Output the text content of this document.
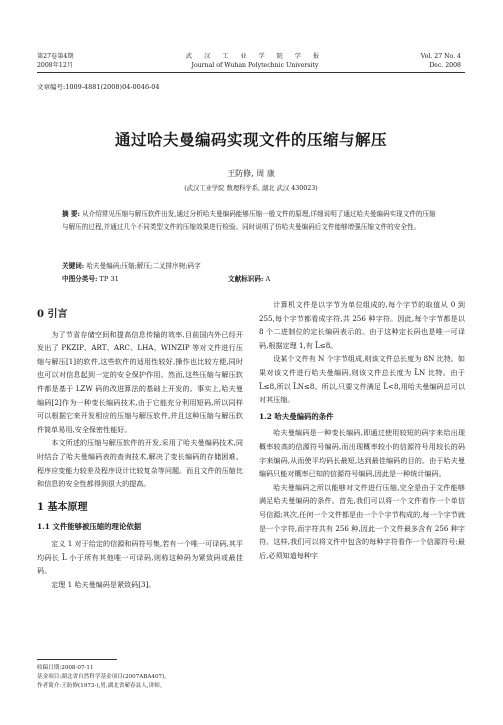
第27卷第4期
2008年12月
武 汉 工 业 学 院 学 报
Journal of Wuhan Polytechnic University
Vol. 27 No. 4
Dec. 2008
文章编号:1009-4881(2008)04-0046-04
通过哈夫曼编码实现文件的压缩与解压
王防修, 周 康
(武汉工业学院 数理科学系, 湖北 武汉 430023)
摘 要: 从介绍常见压缩与解压软件出发,通过分析哈夫曼编码能够压缩一般文件的原理,详细说明了通过哈夫曼编码实现文件的压缩与解压的过程,并通过几个不同类型文件的压缩效果进行检验。同时说明了仿哈夫曼编码后文件能够增强压缩文件的安全性。
关键词: 哈夫曼编码;压缩;解压;二叉排序树;码字
中图分类号: TP 31	文献标识码: A

0 引言

为了节省存储空间和提高信息传输的效率,目前国内外已经开发出了 PKZIP、ART、ARC、LHA、WINZIP 等对文件进行压缩与解压[1]的软件,这些软件的适用性较好,操作也比较方便,同时也可以对信息起到一定的安全保护作用。然而,这些压缩与解压软件都是基于 LZW 码的改进算法的基础上开发的。事实上,哈夫曼编码[2]作为一种变长编码技术,由于它能充分利用短码,所以同样可以根据它来开发相应的压缩与解压软件,并且这种压缩与解压软件简单易用,安全保密性能好。

本文所述的压缩与解压软件的开发,采用了哈夫曼编码技术,同时结合了哈夫曼编码表的查询技术,解决了变长编码的存储困难、程序应变能力较差及程序设计比较复杂等问题。而且文件的压缩比和信息的安全性都得到很大的提高。

1 基本原理

1.1 文件能够被压缩的理论依据

定义 1 对于给定的信源和码符号集,若有一个唯一可译码,其平均码长 L̄ 小于所有其他唯一可译码,则称这种码为紧致码或最佳码。

定理 1 哈夫曼编码是紧致码[3]。

计算机文件是以字节为单位组成的,每个字节的取值从 0 到 255,每个字节都看成字符,共 256 种字符。因此,每个字节都是以 8 个二进制位的定长编码表示的。由于这种定长码也是唯一可译码,根据定理 1,有 L̄≤8。

设某个文件有 N 个字节组成,则该文件总长度为 8N 比特。如果对该文件进行哈夫曼编码,则该文件总长度为 L̄N 比特。由于 L̄≤8,所以 L̄N≤8。所以,只要文件满足 L̄<8,用哈夫曼编码总可以对其压缩。

1.2 哈夫曼编码的条件

哈夫曼编码是一种变长编码,即通过使用较短的码字来给出现概率较高的信源符号编码,而出现概率较小的信源符号用较长的码字来编码,从而使平均码长最短,达到最佳编码的目的。由于哈夫曼编码只能对概率已知的信源符号编码,因此是一种统计编码。

哈夫曼编码之所以能够对文件进行压缩,完全是由于文件能够满足哈夫曼编码的条件。首先,我们可以将一个文件看作一个单信号信源;其次,任何一个文件都是由一个个字节构成的,每一个字节就是一个字符,而字符共有 256 种,因此一个文件最多含有 256 种字符。这样,我们可以将文件中包含的每种字符看作一个信源符号;最后,必须知道每种字

收稿日期:2008-07-11
基金项目:湖北省自然科学基金项目(2007ABA407)。
作者简介:王防修(1973-),男,湖北省蕲春县人,讲师。
